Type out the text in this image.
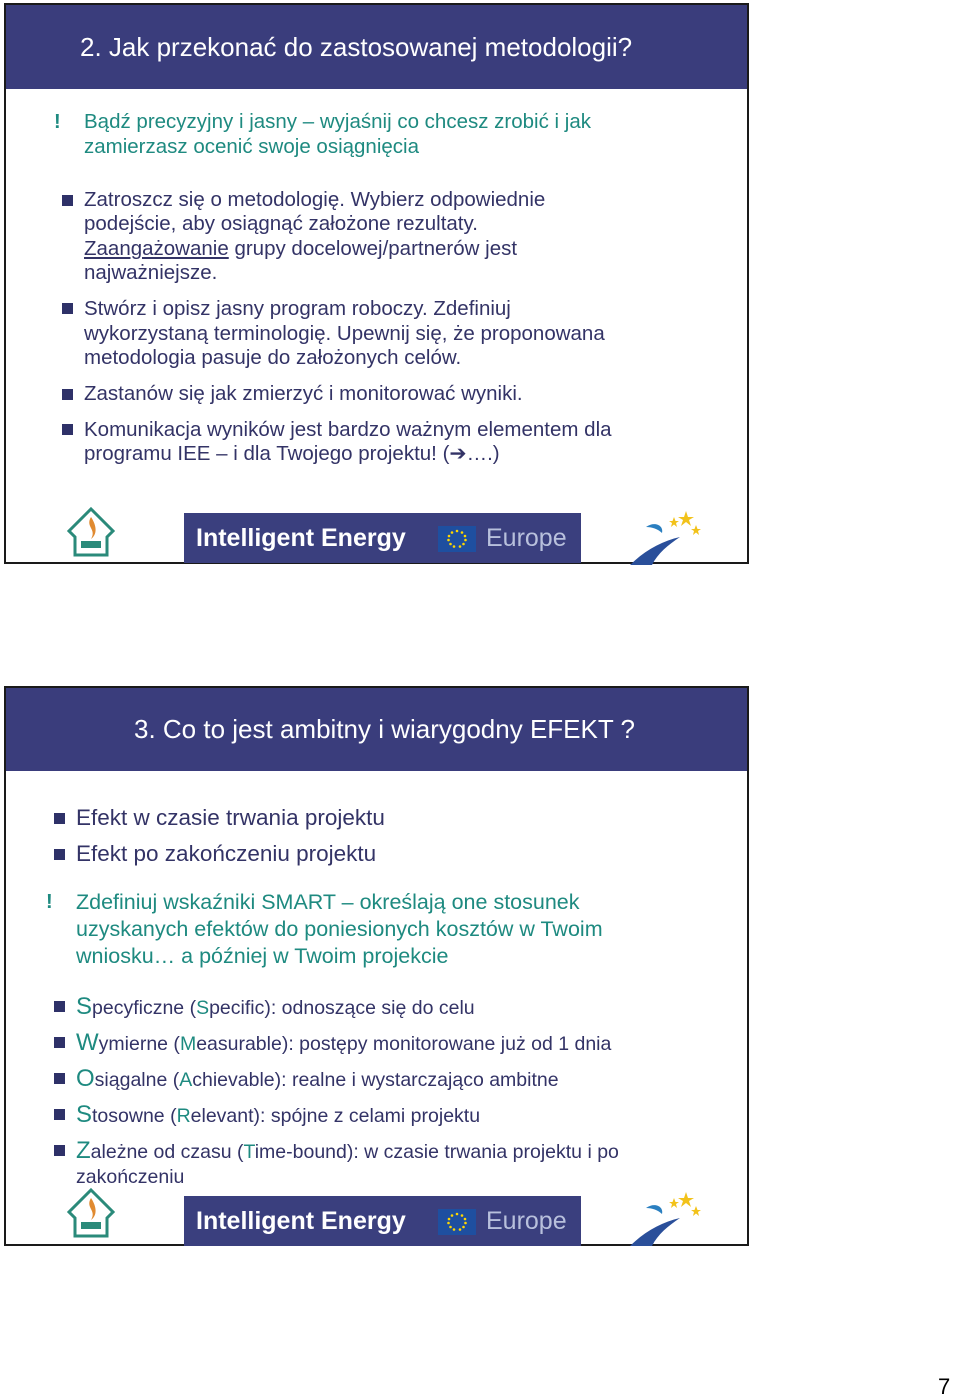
2. Jak przekonać do zastosowanej metodologii?
! Bądź precyzyjny i jasny – wyjaśnij co chcesz zrobić i jak
zamierzasz ocenić swoje osiągnięcia
Zatroszcz się o metodologię. Wybierz odpowiednie
podejście, aby osiągnąć założone rezultaty.
Zaangażowanie grupy docelowej/partnerów jest
najważniejsze.
Stwórz i opisz jasny program roboczy. Zdefiniuj
wykorzystaną terminologię. Upewnij się, że proponowana
metodologia pasuje do założonych celów.
Zastanów się jak zmierzyć i monitorować wyniki.
Komunikacja wyników jest bardzo ważnym elementem dla
programu IEE – i dla Twojego projektu! (➔….)
Intelligent Energy	Europe
3. Co to jest ambitny i wiarygodny EFEKT ?
Efekt w czasie trwania projektu
Efekt po zakończeniu projektu
! Zdefiniuj wskaźniki SMART – określają one stosunek
uzyskanych efektów do poniesionych kosztów w Twoim
wniosku… a później w Twoim projekcie
Specyficzne (Specific): odnoszące się do celu
Wymierne (Measurable): postępy monitorowane już od 1 dnia
Osiągalne (Achievable): realne i wystarczająco ambitne
Stosowne (Relevant): spójne z celami projektu
Zależne od czasu (Time-bound): w czasie trwania projektu i po
zakończeniu
Intelligent Energy	Europe
7
